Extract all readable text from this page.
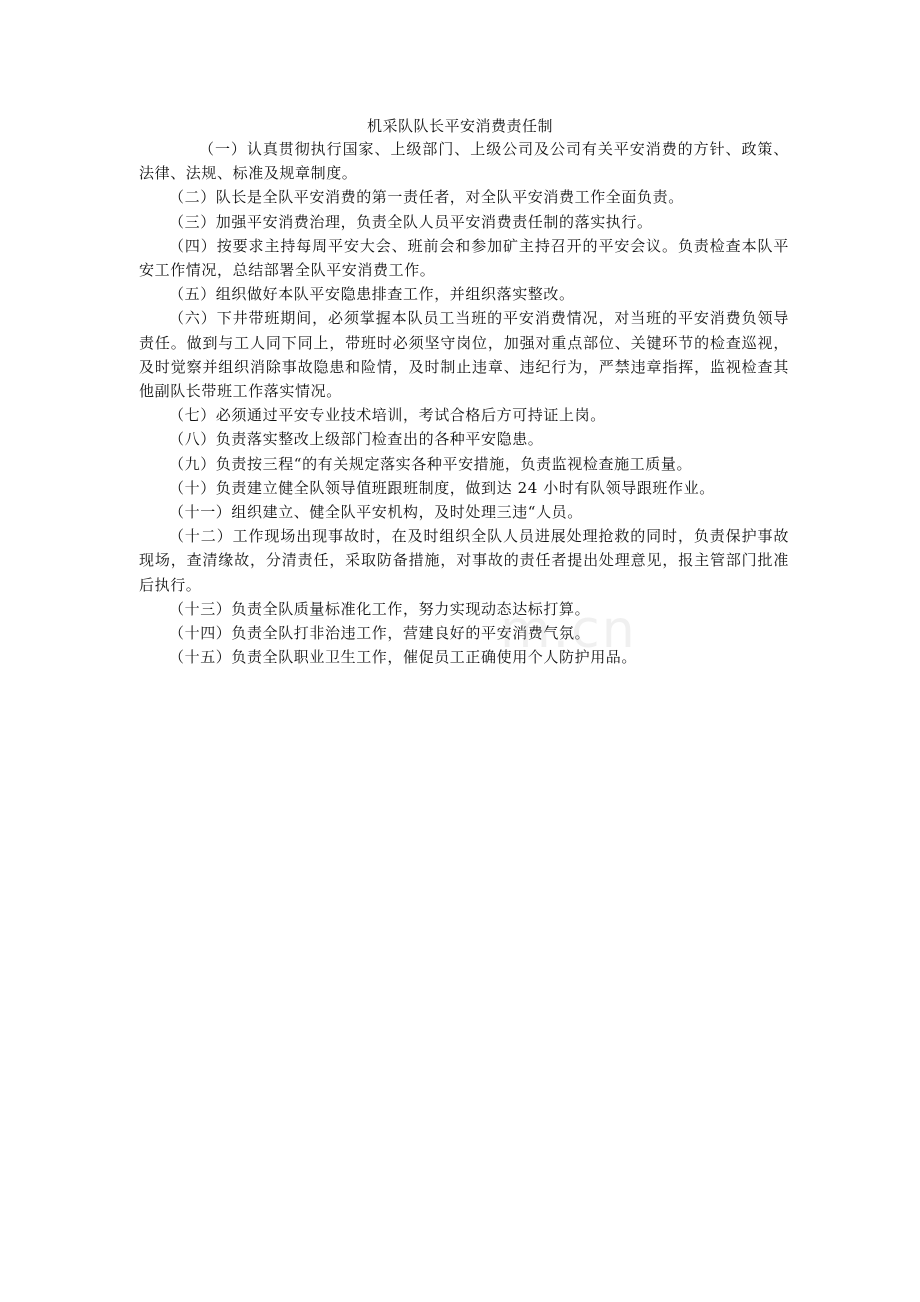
机采队队长平安消费责任制

（一）认真贯彻执行国家、上级部门、上级公司及公司有关平安消费的方针、政策、法律、法规、标准及规章制度。

（二）队长是全队平安消费的第一责任者，对全队平安消费工作全面负责。

（三）加强平安消费治理，负责全队人员平安消费责任制的落实执行。

（四）按要求主持每周平安大会、班前会和参加矿主持召开的平安会议。负责检查本队平安工作情况，总结部署全队平安消费工作。

（五）组织做好本队平安隐患排查工作，并组织落实整改。

（六）下井带班期间，必须掌握本队员工当班的平安消费情况，对当班的平安消费负领导责任。做到与工人同下同上，带班时必须坚守岗位，加强对重点部位、关键环节的检查巡视，及时觉察并组织消除事故隐患和险情，及时制止违章、违纪行为，严禁违章指挥，监视检查其他副队长带班工作落实情况。

（七）必须通过平安专业技术培训，考试合格后方可持证上岗。

（八）负责落实整改上级部门检查出的各种平安隐患。

（九）负责按三程“的有关规定落实各种平安措施，负责监视检查施工质量。

（十）负责建立健全队领导值班跟班制度，做到达 24 小时有队领导跟班作业。

（十一）组织建立、健全队平安机构，及时处理三违“人员。

（十二）工作现场出现事故时，在及时组织全队人员进展处理抢救的同时，负责保护事故现场，查清缘故，分清责任，采取防备措施，对事故的责任者提出处理意见，报主管部门批准后执行。

（十三）负责全队质量标准化工作，努力实现动态达标打算。

（十四）负责全队打非治违工作，营建良好的平安消费气氛。

（十五）负责全队职业卫生工作，催促员工正确使用个人防护用品。

m.cn
